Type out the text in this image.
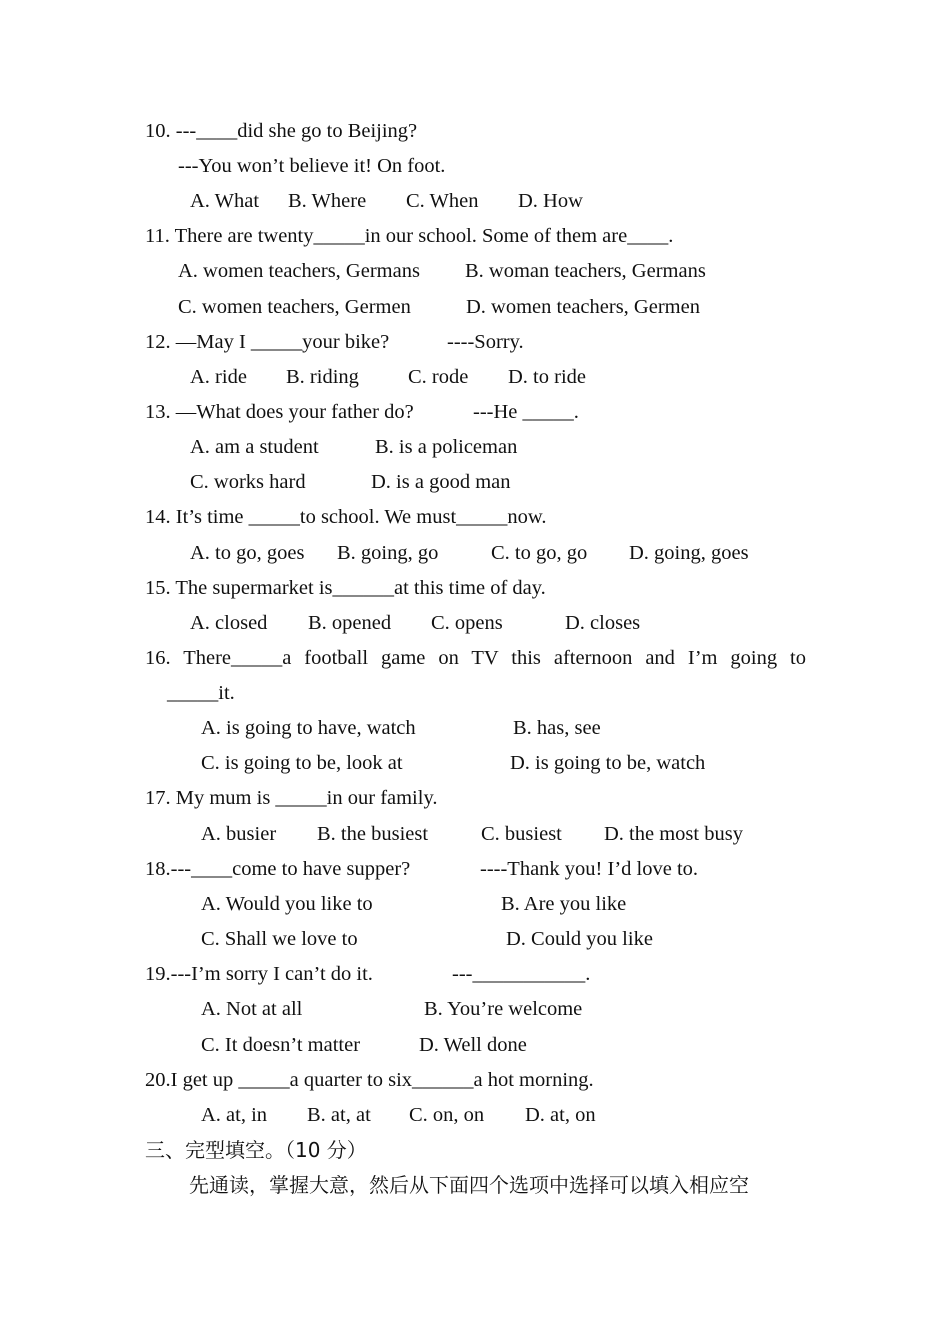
10. ---____did she go to Beijing?

---You won’t believe it! On foot.

A. What

B. Where

C. When

D. How

11. There are twenty_____in our school. Some of them are____.

A. women teachers, Germans

B. woman teachers, Germans

C. women teachers, Germen

	D. women teachers, Germen

12. —May I _____your bike?

	----Sorry.

A. ride

B. riding

C. rode

D. to ride

13. —What does your father do?

	---He _____.

A. am a student

	B. is a policeman

C. works hard

	D. is a good man

14. It’s time _____to school. We must_____now.

A. to go, goes

B. going, go

	C. to go, go

D. going, goes

15. The supermarket is______at this time of day.

A. closed

B. opened

C. opens

	D. closes

16. There_____a football game on TV this afternoon and I’m going to

_____it.

A. is going to have, watch

	B. has, see

C. is going to be, look at

	D. is going to be, watch

17. My mum is _____in our family.

A. busier

B. the busiest

	C. busiest

D. the most busy

18.---____come to have supper?

	----Thank you! I’d love to.

A. Would you like to

	B. Are you like

C. Shall we love to

	D. Could you like

19.---I’m sorry I can’t do it.

	---___________.

A. Not at all

	B. You’re welcome

C. It doesn’t matter

	D. Well done

20.I get up _____a quarter to six______a hot morning.

A. at, in

B. at, at

C. on, on

D. at, on

三、完型填空。（10 分）

先通读，掌握大意，然后从下面四个选项中选择可以填入相应空
